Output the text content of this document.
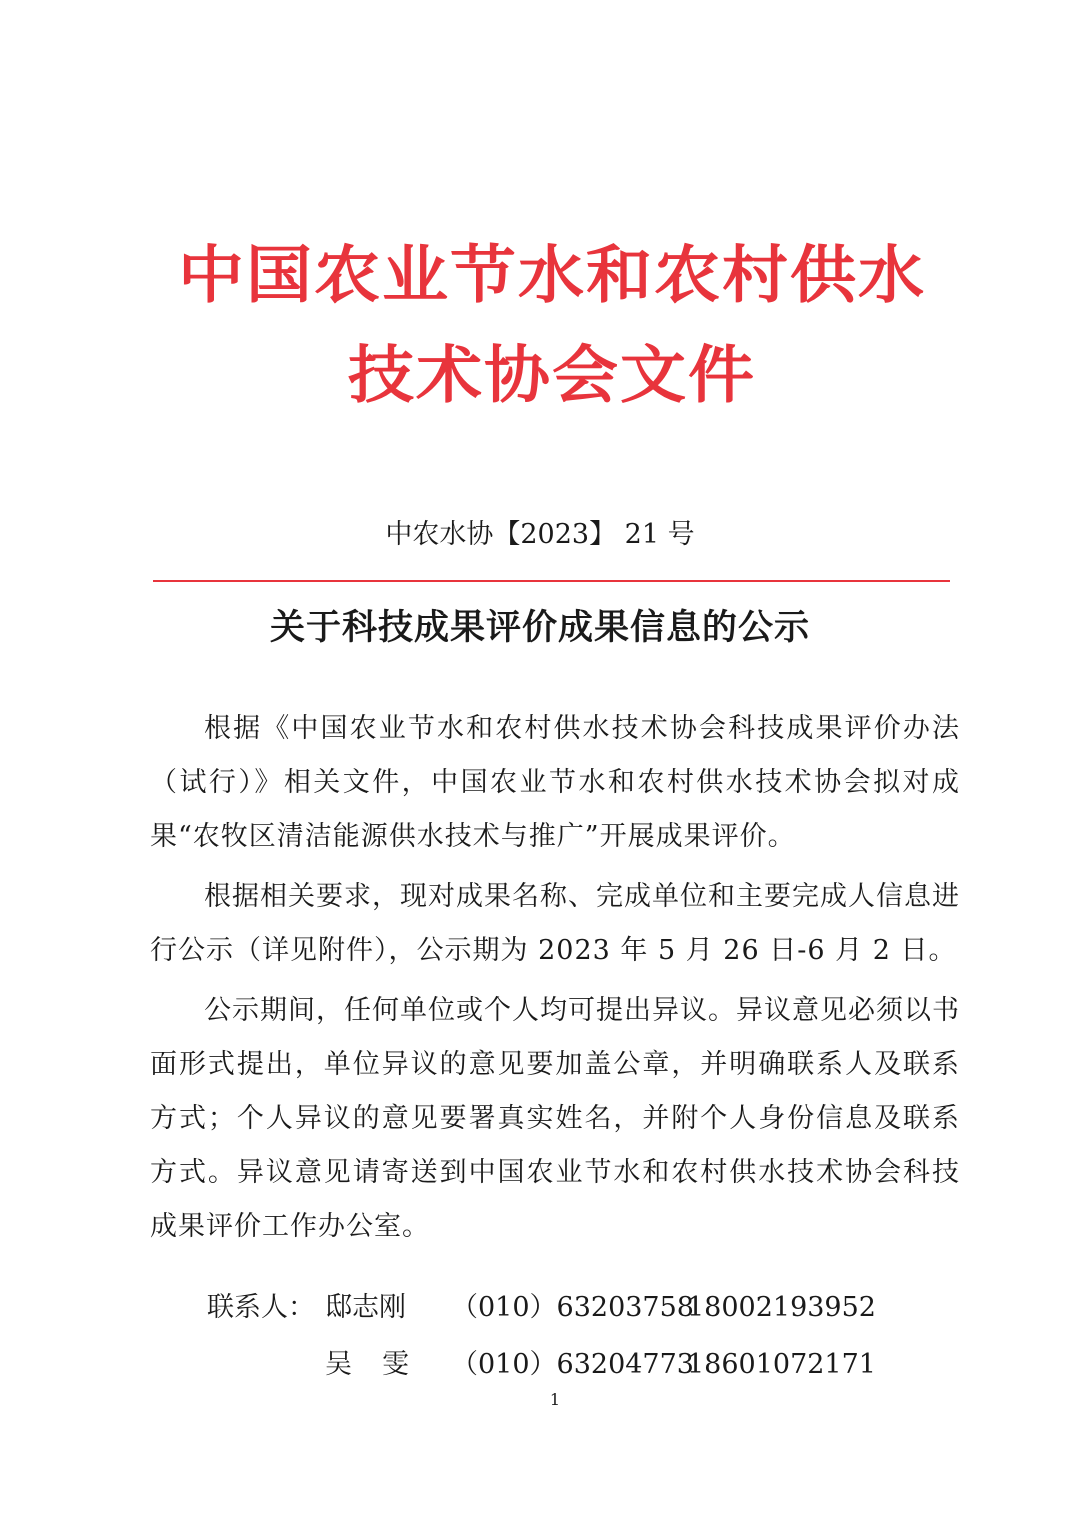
中国农业节水和农村供水
技术协会文件
中农水协【2023】 21 号
关于科技成果评价成果信息的公示

根据《中国农业节水和农村供水技术协会科技成果评价办法（试行）》相关文件，中国农业节水和农村供水技术协会拟对成果“农牧区清洁能源供水技术与推广”开展成果评价。

根据相关要求，现对成果名称、完成单位和主要完成人信息进行公示（详见附件），公示期为 2023 年 5 月 26 日-6 月 2 日。

公示期间，任何单位或个人均可提出异议。异议意见必须以书面形式提出，单位异议的意见要加盖公章，并明确联系人及联系方式；个人异议的意见要署真实姓名，并附个人身份信息及联系方式。异议意见请寄送到中国农业节水和农村供水技术协会科技成果评价工作办公室。

联系人： 邸志刚 （010）6320375818002193952
吴雯 （010）6320477318601072171
1
